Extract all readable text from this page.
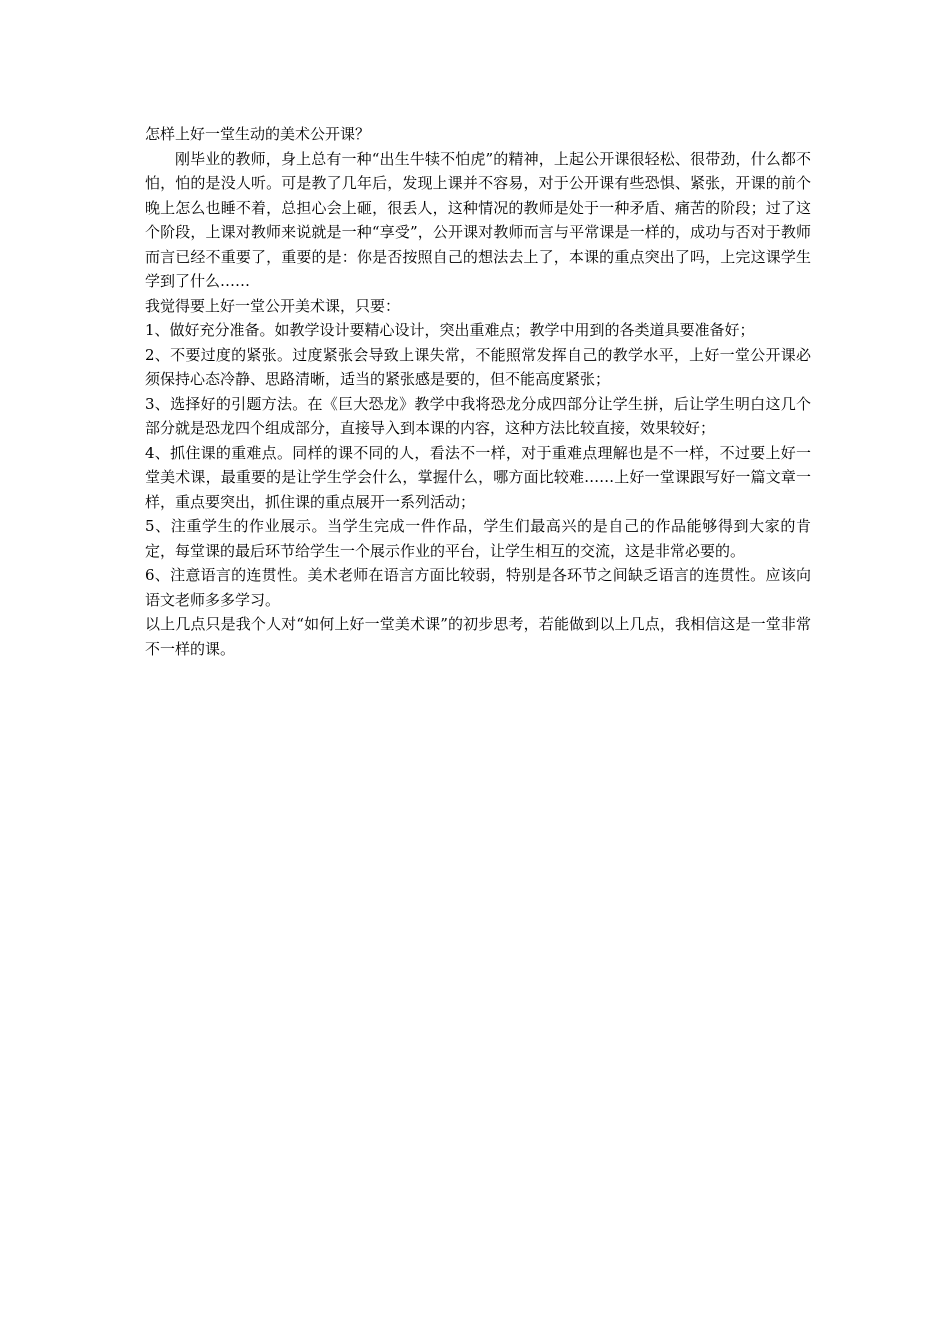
怎样上好一堂生动的美术公开课？

刚毕业的教师，身上总有一种“出生牛犊不怕虎”的精神，上起公开课很轻松、很带劲，什么都不怕，怕的是没人听。可是教了几年后，发现上课并不容易，对于公开课有些恐惧、紧张，开课的前个晚上怎么也睡不着，总担心会上砸，很丢人，这种情况的教师是处于一种矛盾、痛苦的阶段；过了这个阶段，上课对教师来说就是一种“享受”，公开课对教师而言与平常课是一样的，成功与否对于教师而言已经不重要了，重要的是：你是否按照自己的想法去上了，本课的重点突出了吗，上完这课学生学到了什么……

我觉得要上好一堂公开美术课，只要：

1、做好充分准备。如教学设计要精心设计，突出重难点；教学中用到的各类道具要准备好；

2、不要过度的紧张。过度紧张会导致上课失常，不能照常发挥自己的教学水平，上好一堂公开课必须保持心态冷静、思路清晰，适当的紧张感是要的，但不能高度紧张；

3、选择好的引题方法。在《巨大恐龙》教学中我将恐龙分成四部分让学生拼，后让学生明白这几个部分就是恐龙四个组成部分，直接导入到本课的内容，这种方法比较直接，效果较好；

4、抓住课的重难点。同样的课不同的人，看法不一样，对于重难点理解也是不一样，不过要上好一堂美术课，最重要的是让学生学会什么，掌握什么，哪方面比较难……上好一堂课跟写好一篇文章一样，重点要突出，抓住课的重点展开一系列活动；

5、注重学生的作业展示。当学生完成一件作品，学生们最高兴的是自己的作品能够得到大家的肯定，每堂课的最后环节给学生一个展示作业的平台，让学生相互的交流，这是非常必要的。

6、注意语言的连贯性。美术老师在语言方面比较弱，特别是各环节之间缺乏语言的连贯性。应该向语文老师多多学习。

以上几点只是我个人对“如何上好一堂美术课”的初步思考，若能做到以上几点，我相信这是一堂非常不一样的课。
